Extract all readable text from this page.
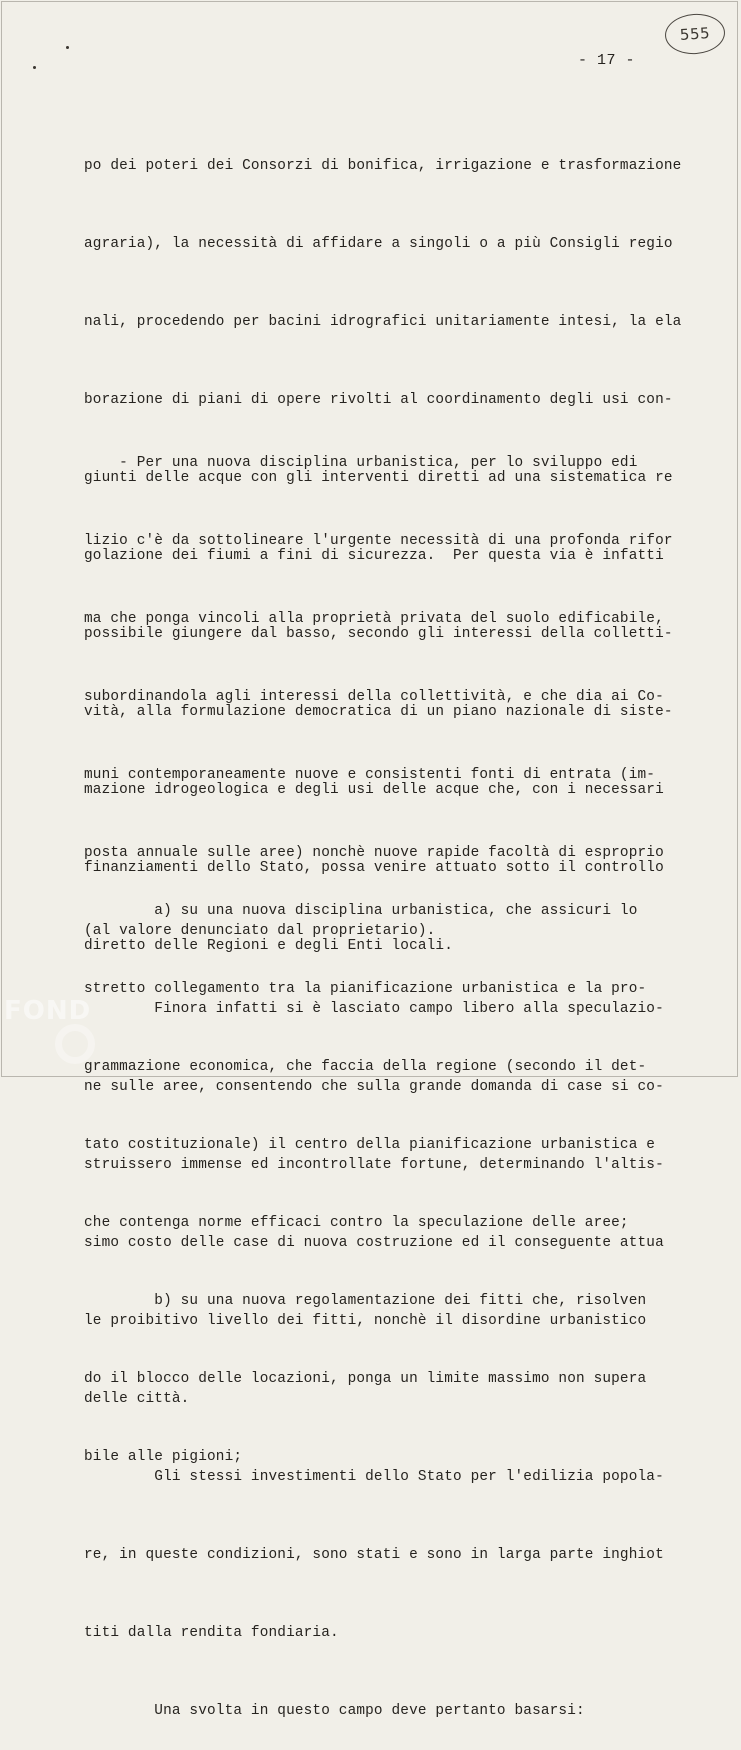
555
- 17 -

po dei poteri dei Consorzi di bonifica, irrigazione e trasformazione

agraria), la necessità di affidare a singoli o a più Consigli regio

nali, procedendo per bacini idrografici unitariamente intesi, la ela

borazione di piani di opere rivolti al coordinamento degli usi con-

giunti delle acque con gli interventi diretti ad una sistematica re

golazione dei fiumi a fini di sicurezza.  Per questa via è infatti

possibile giungere dal basso, secondo gli interessi della colletti-

vità, alla formulazione democratica di un piano nazionale di siste-

mazione idrogeologica e degli usi delle acque che, con i necessari

finanziamenti dello Stato, possa venire attuato sotto il controllo

diretto delle Regioni e degli Enti locali.

- Per una nuova disciplina urbanistica, per lo sviluppo edi

lizio c'è da sottolineare l'urgente necessità di una profonda rifor

ma che ponga vincoli alla proprietà privata del suolo edificabile,

subordinandola agli interessi della collettività, e che dia ai Co-

muni contemporaneamente nuove e consistenti fonti di entrata (im-

posta annuale sulle aree) nonchè nuove rapide facoltà di esproprio

(al valore denunciato dal proprietario).

Finora infatti si è lasciato campo libero alla speculazio-

ne sulle aree, consentendo che sulla grande domanda di case si co-

struissero immense ed incontrollate fortune, determinando l'altis-

simo costo delle case di nuova costruzione ed il conseguente attua

le proibitivo livello dei fitti, nonchè il disordine urbanistico

delle città.

Gli stessi investimenti dello Stato per l'edilizia popola-

re, in queste condizioni, sono stati e sono in larga parte inghiot

titi dalla rendita fondiaria.

Una svolta in questo campo deve pertanto basarsi:

a) su una nuova disciplina urbanistica, che assicuri lo

stretto collegamento tra la pianificazione urbanistica e la pro-

grammazione economica, che faccia della regione (secondo il det-

tato costituzionale) il centro della pianificazione urbanistica e

che contenga norme efficaci contro la speculazione delle aree;

b) su una nuova regolamentazione dei fitti che, risolven

do il blocco delle locazioni, ponga un limite massimo non supera

bile alle pigioni;

FOND
